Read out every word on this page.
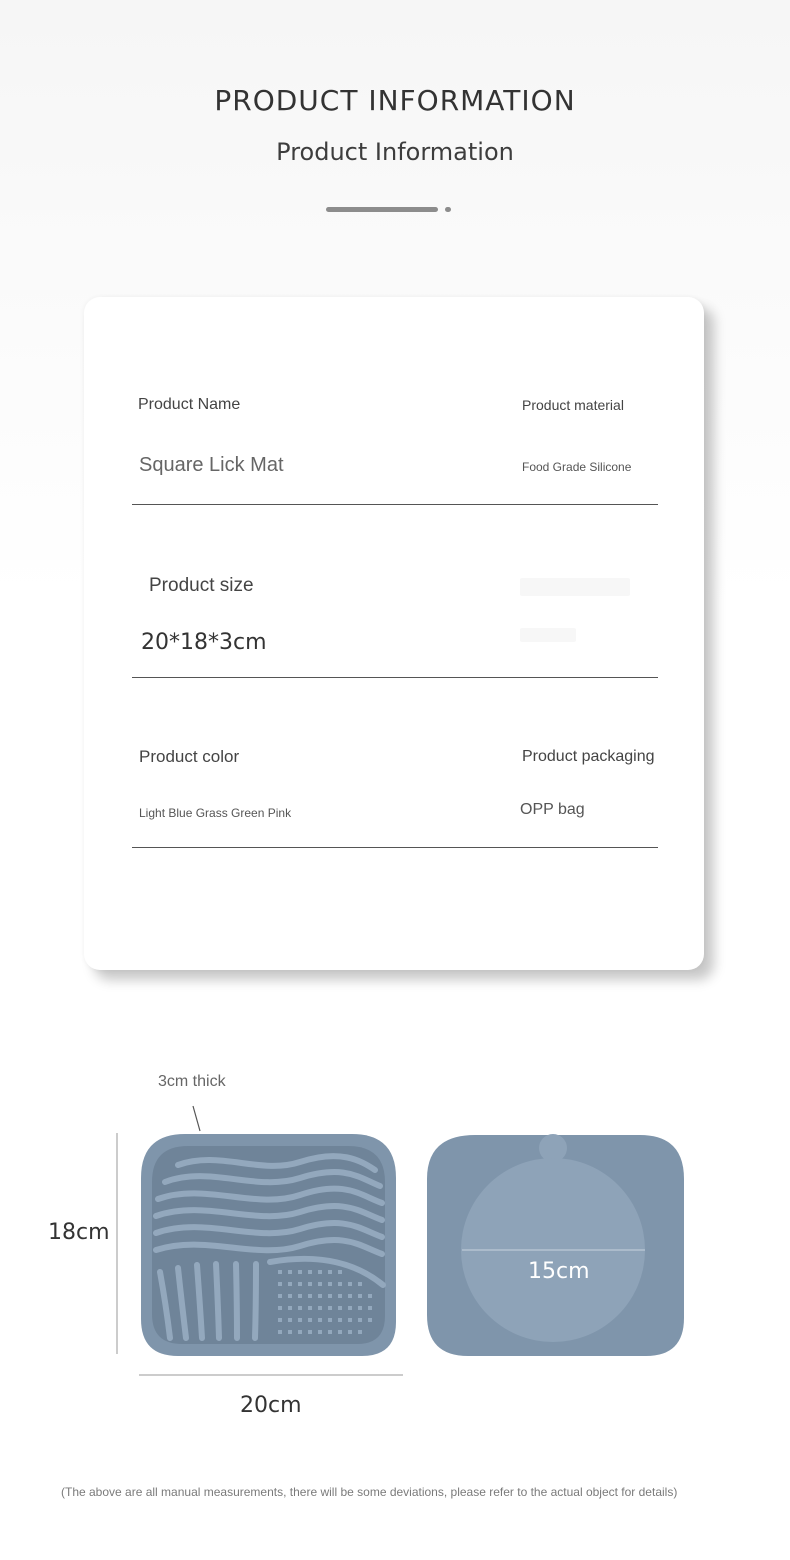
PRODUCT INFORMATION
Product Information
Product Name
Square Lick Mat
Product material
Food Grade Silicone
Product size
20*18*3cm
Product color
Light Blue Grass Green Pink
Product packaging
OPP bag
3cm thick
15cm
18cm
20cm
(The above are all manual measurements, there will be some deviations, please refer to the actual object for details)
